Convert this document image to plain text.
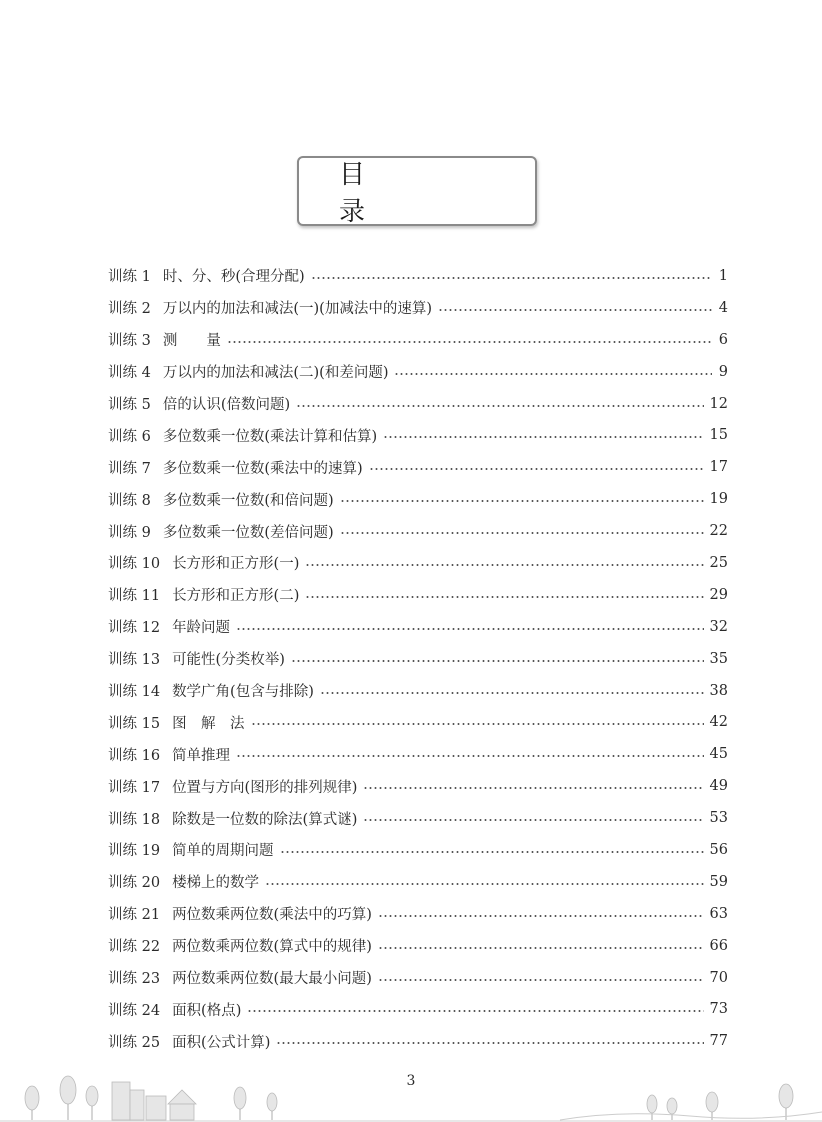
目　录
训练 1 时、分、秒(合理分配)	1
训练 2 万以内的加法和减法(一)(加减法中的速算)	4
训练 3 测　　量	6
训练 4 万以内的加法和减法(二)(和差问题)	9
训练 5 倍的认识(倍数问题)	12
训练 6 多位数乘一位数(乘法计算和估算)	15
训练 7 多位数乘一位数(乘法中的速算)	17
训练 8 多位数乘一位数(和倍问题)	19
训练 9 多位数乘一位数(差倍问题)	22
训练 10 长方形和正方形(一)	25
训练 11 长方形和正方形(二)	29
训练 12 年龄问题	32
训练 13 可能性(分类枚举)	35
训练 14 数学广角(包含与排除)	38
训练 15 图　解　法	42
训练 16 简单推理	45
训练 17 位置与方向(图形的排列规律)	49
训练 18 除数是一位数的除法(算式谜)	53
训练 19 简单的周期问题	56
训练 20 楼梯上的数学	59
训练 21 两位数乘两位数(乘法中的巧算)	63
训练 22 两位数乘两位数(算式中的规律)	66
训练 23 两位数乘两位数(最大最小问题)	70
训练 24 面积(格点)	73
训练 25 面积(公式计算)	77
3
